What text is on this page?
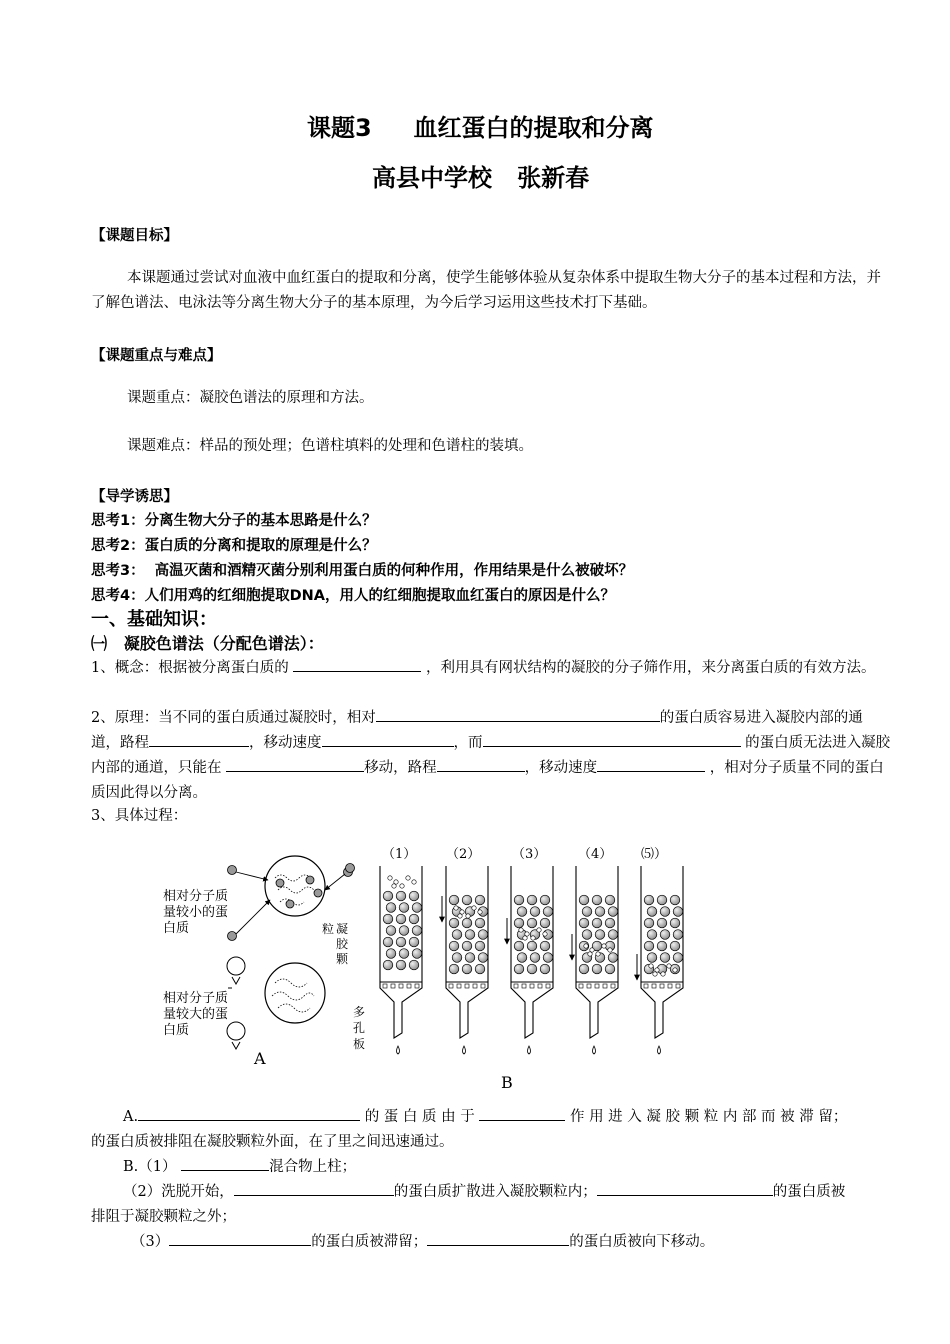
课题3     血红蛋白的提取和分离
高县中学校   张新春
【课题目标】
本课题通过尝试对血液中血红蛋白的提取和分离，使学生能够体验从复杂体系中提取生物大分子的基本过程和方法，并了解色谱法、电泳法等分离生物大分子的基本原理，为今后学习运用这些技术打下基础。
【课题重点与难点】
课题重点：凝胶色谱法的原理和方法。
课题难点：样品的预处理；色谱柱填料的处理和色谱柱的装填。
【导学诱思】
思考1：分离生物大分子的基本思路是什么？
思考2：蛋白质的分离和提取的原理是什么？
思考3：  高温灭菌和酒精灭菌分别利用蛋白质的何种作用，作用结果是什么被破坏？
思考4：人们用鸡的红细胞提取DNA，用人的红细胞提取血红蛋白的原因是什么？
一、基础知识：
㈠   凝胶色谱法（分配色谱法）：
1、概念：根据被分离蛋白质的	，利用具有网状结构的凝胶的分子筛作用，来分离蛋白质的有效方法。
2、原理：当不同的蛋白质通过凝胶时，相对	的蛋白质容易进入凝胶内部的通道，路程	，移动速度	，而	的蛋白质无法进入凝胶内部的通道，只能在	移动，路程	，移动速度	，相对分子质量不同的蛋白质因此得以分离。
3、具体过程：
相对分子质
量较小的蛋
白质	粒 凝
胶
颗
相对分子质
量较大的蛋
白质
A
（1） （2） （3） （4） ⑸）
多
孔
板
B
A.	的 蛋 白 质 由 于	作 用 进 入 凝 胶 颗 粒 内 部 而 被 滞 留；
的蛋白质被排阻在凝胶颗粒外面，在了里之间迅速通过。
B.（1）	混合物上柱；
（2）洗脱开始，	的蛋白质扩散进入凝胶颗粒内；	的蛋白质被
排阻于凝胶颗粒之外；
（3）	的蛋白质被滞留；	的蛋白质被向下移动。
